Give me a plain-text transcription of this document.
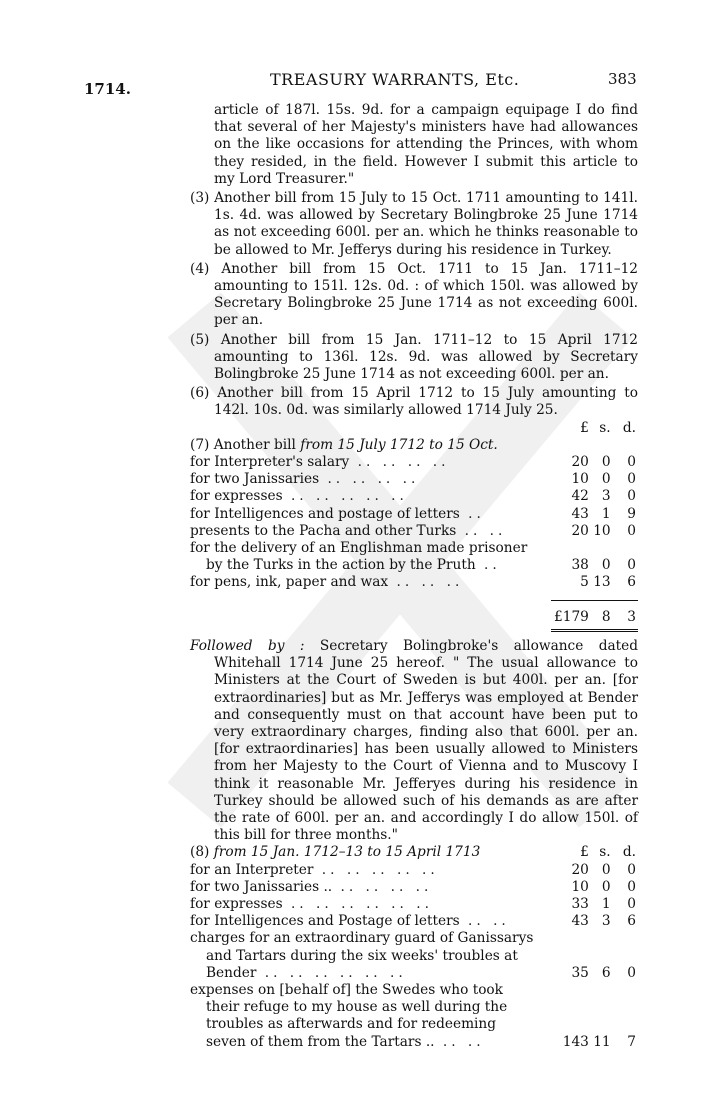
1714.	TREASURY WARRANTS, Etc.	383

article of 187l. 15s. 9d. for a campaign equipage I do find that several of her Majesty's ministers have had allowances on the like occasions for attending the Princes, with whom they resided, in the field. However I submit this article to my Lord Treasurer."

(3) Another bill from 15 July to 15 Oct. 1711 amounting to 141l. 1s. 4d. was allowed by Secretary Bolingbroke 25 June 1714 as not exceeding 600l. per an. which he thinks reasonable to be allowed to Mr. Jefferys during his residence in Turkey.

(4) Another bill from 15 Oct. 1711 to 15 Jan. 1711–12 amounting to 151l. 12s. 0d. : of which 150l. was allowed by Secretary Bolingbroke 25 June 1714 as not exceeding 600l. per an.

(5) Another bill from 15 Jan. 1711–12 to 15 April 1712 amounting to 136l. 12s. 9d. was allowed by Secretary Bolingbroke 25 June 1714 as not exceeding 600l. per an.

(6) Another bill from 15 April 1712 to 15 July amounting to 142l. 10s. 0d. was similarly allowed 1714 July 25.

	£	s.	d.
(7) Another bill from 15 July 1712 to 15 Oct.			
for Interpreter's salary .. .. .. ..	20	0	0
for two Janissaries .. .. .. ..	10	0	0
for expresses .. .. .. .. ..	42	3	0
for Intelligences and postage of letters ..	43	1	9
presents to the Pacha and other Turks .. ..	20	10	0
for the delivery of an Englishman made prisoner			
by the Turks in the action by the Pruth ..	38	0	0
for pens, ink, paper and wax .. .. ..	5	13	6

	£179	8	3

Followed by : Secretary Bolingbroke's allowance dated Whitehall 1714 June 25 hereof. " The usual allowance to Ministers at the Court of Sweden is but 400l. per an. [for extraordinaries] but as Mr. Jefferys was employed at Bender and consequently must on that account have been put to very extraordinary charges, finding also that 600l. per an. [for extraordinaries] has been usually allowed to Ministers from her Majesty to the Court of Vienna and to Muscovy I think it reasonable Mr. Jefferyes during his residence in Turkey should be allowed such of his demands as are after the rate of 600l. per an. and accordingly I do allow 150l. of this bill for three months."

(8) from 15 Jan. 1712–13 to 15 April 1713	£	s.	d.
for an Interpreter .. .. .. .. ..	20	0	0
for two Janissaries .. .. .. .. ..	10	0	0
for expresses .. .. .. .. .. ..	33	1	0
for Intelligences and Postage of letters .. ..	43	3	6
charges for an extraordinary guard of Ganissarys			
and Tartars during the six weeks' troubles at			
Bender .. .. .. .. .. ..	35	6	0
expenses on [behalf of] the Swedes who took			
their refuge to my house as well during the			
troubles as afterwards and for redeeming			
seven of them from the Tartars .. .. ..	143	11	7
